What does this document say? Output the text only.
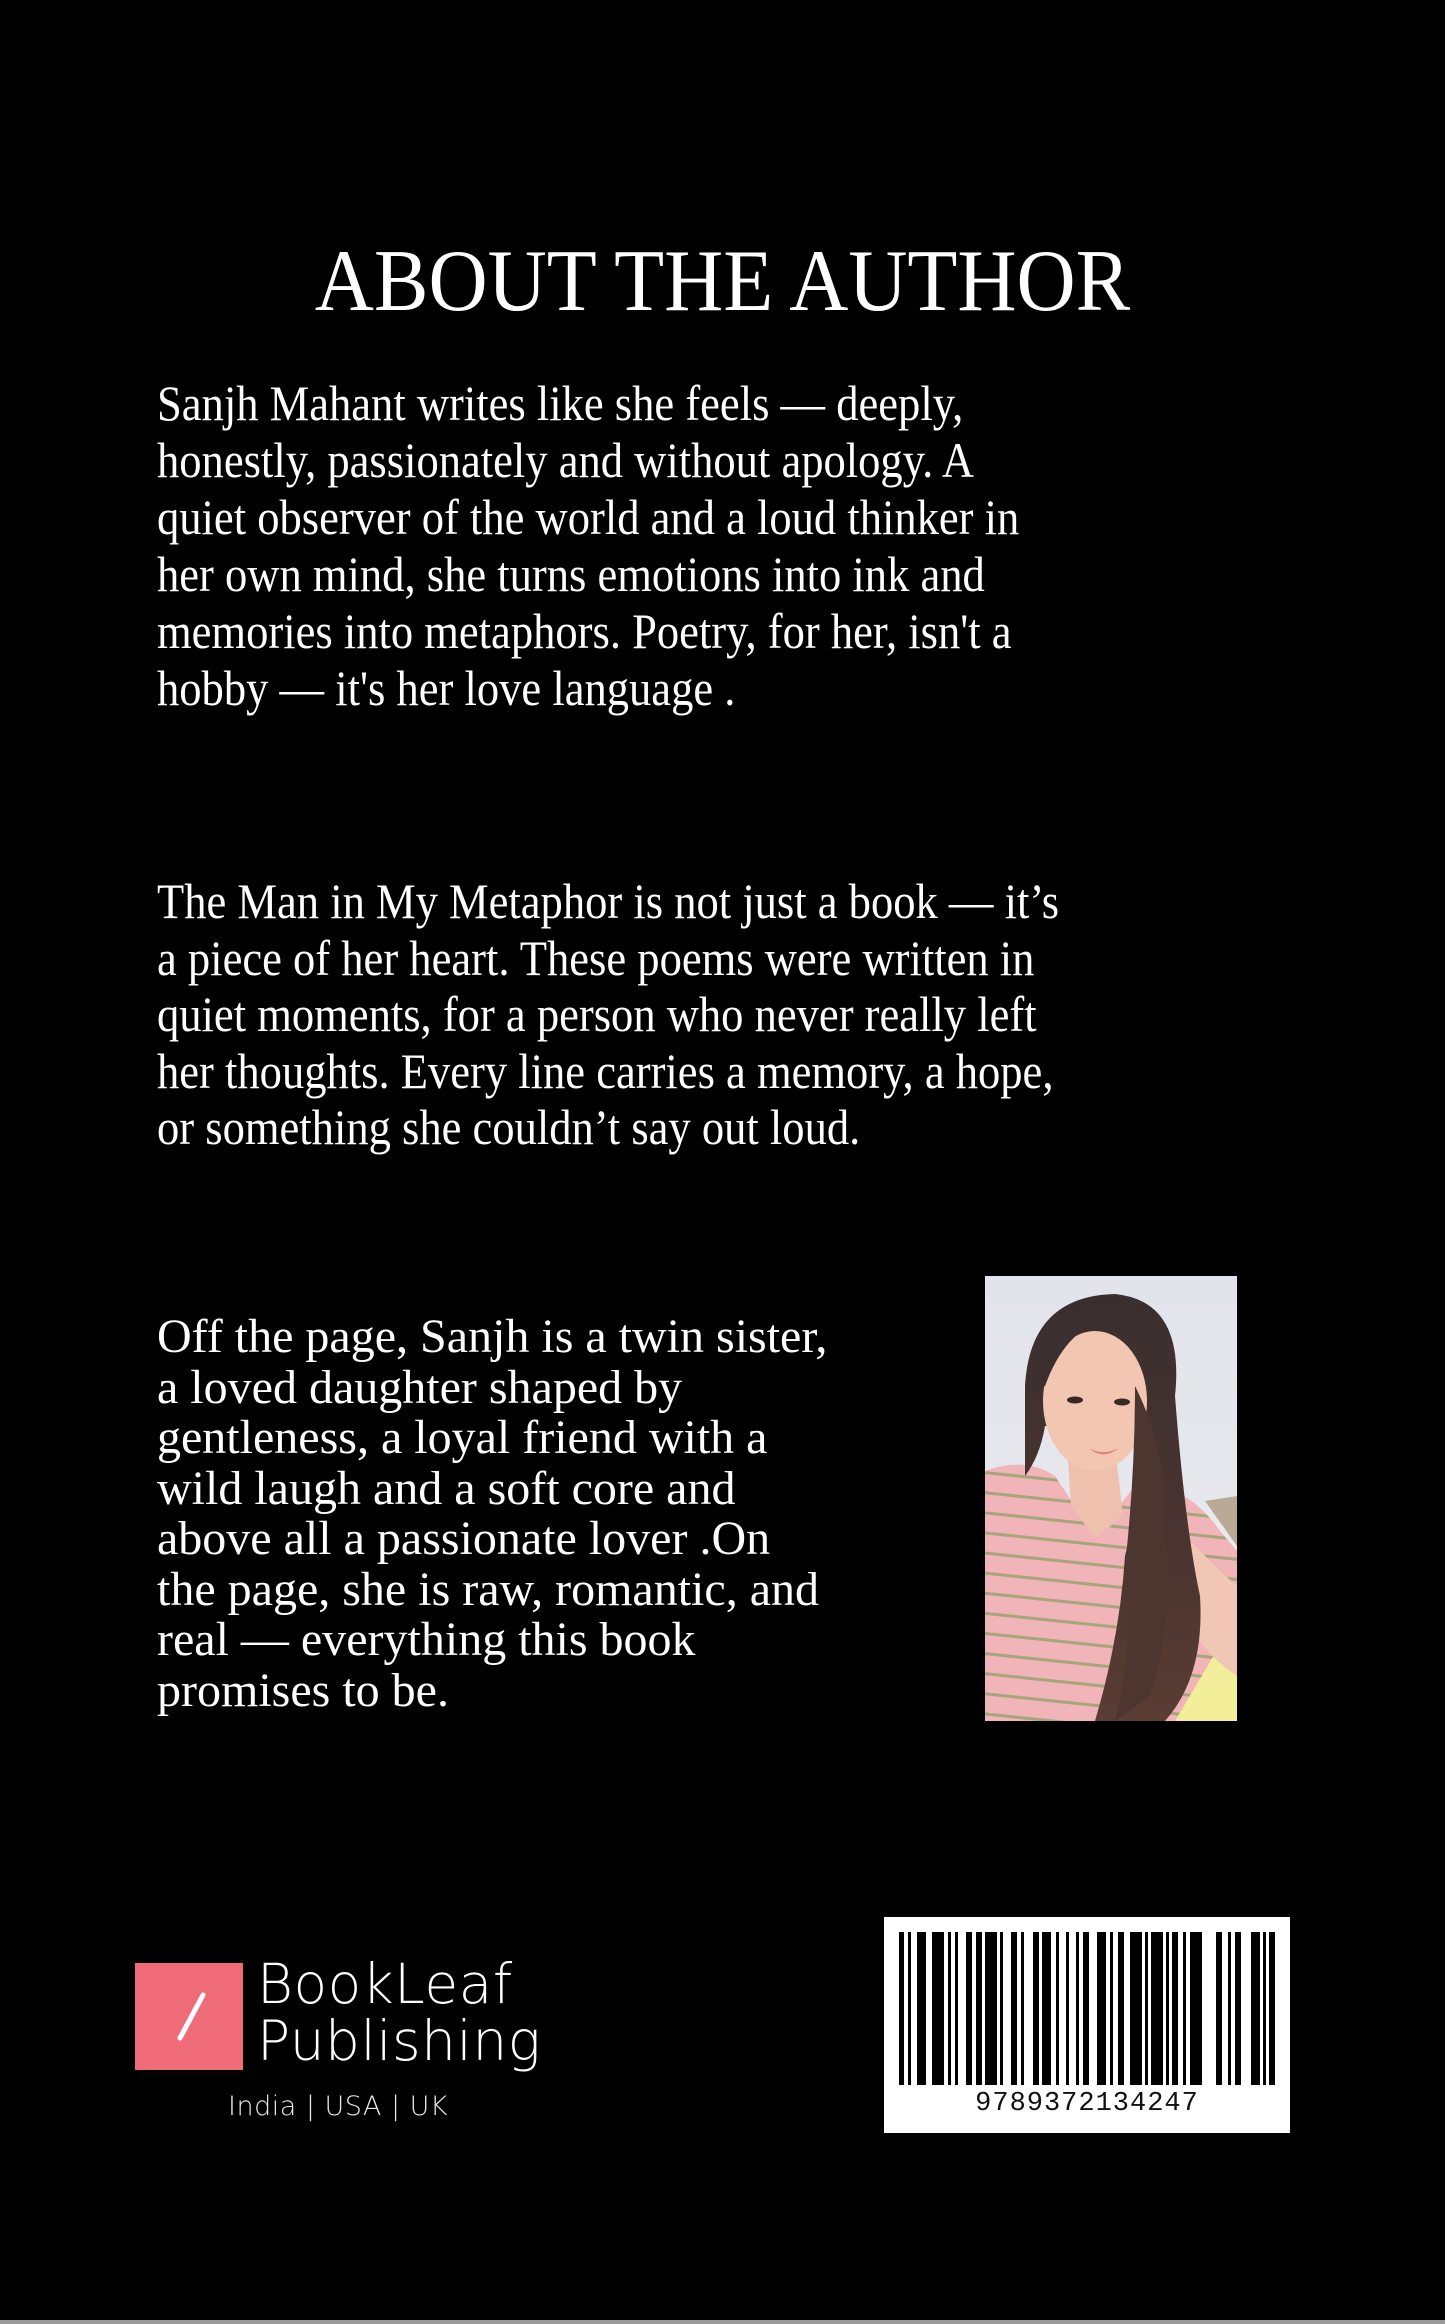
ABOUT THE AUTHOR

Sanjh Mahant writes like she feels — deeply,
honestly, passionately and without apology. A
quiet observer of the world and a loud thinker in
her own mind, she turns emotions into ink and
memories into metaphors. Poetry, for her, isn't a
hobby — it's her love language .

The Man in My Metaphor is not just a book — it’s
a piece of her heart. These poems were written in
quiet moments, for a person who never really left
her thoughts. Every line carries a memory, a hope,
or something she couldn’t say out loud.

Off the page, Sanjh is a twin sister,
a loved daughter shaped by
gentleness, a loyal friend with a
wild laugh and a soft core and
above all a passionate lover .On
the page, she is raw, romantic, and
real — everything this book
promises to be.

BookLeaf
Publishing
India | USA | UK	9789372134247
